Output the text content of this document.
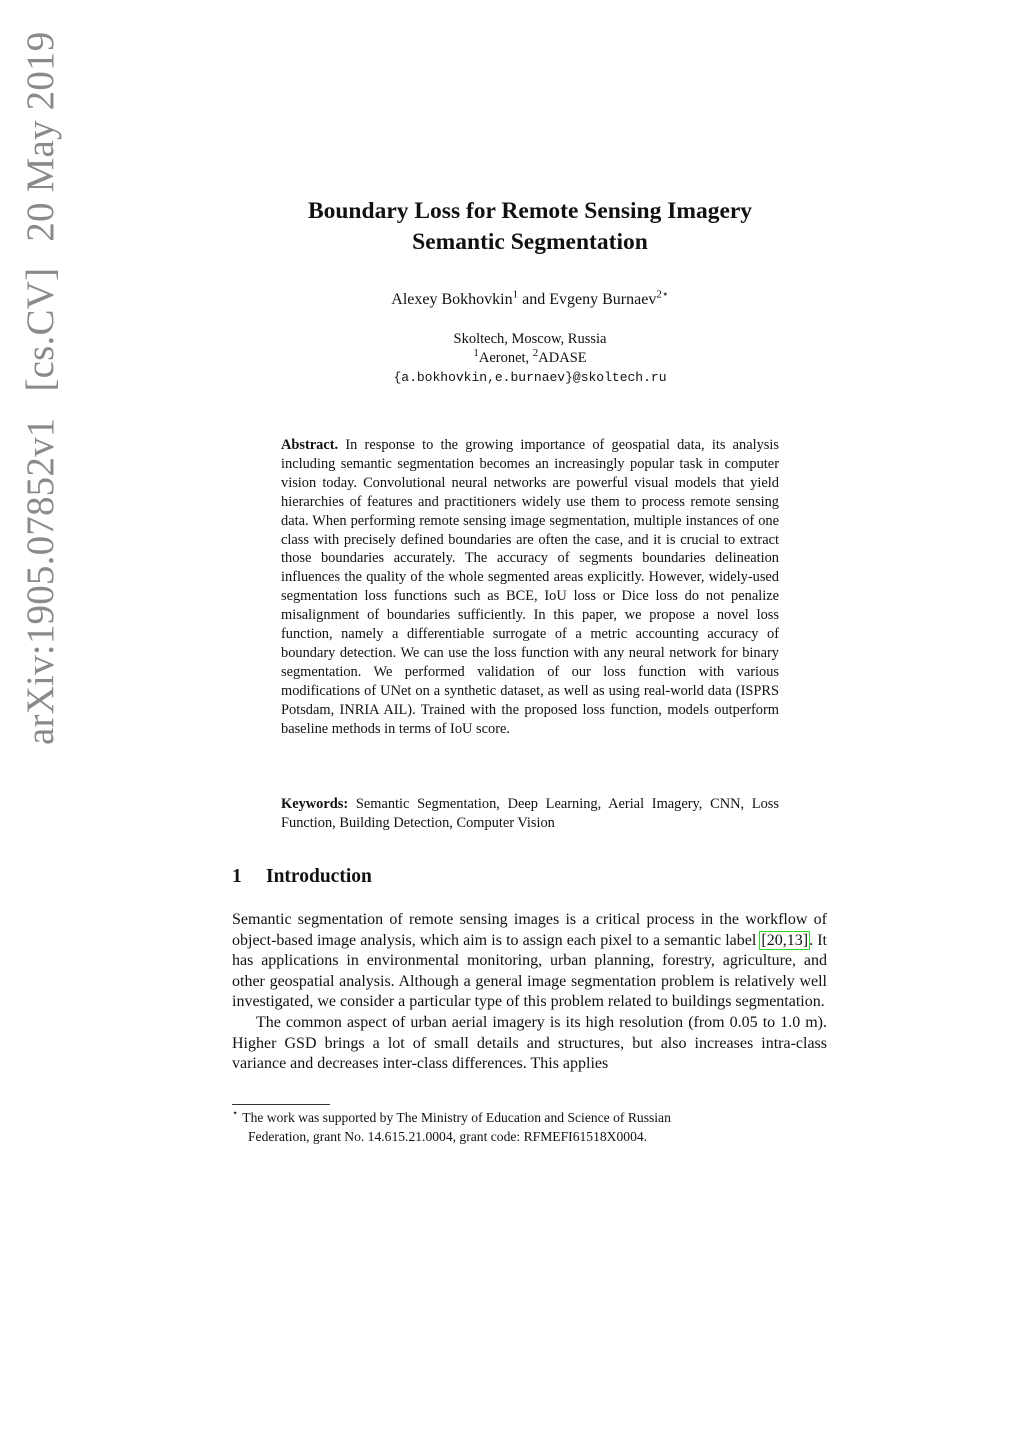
arXiv:1905.07852v1[cs.CV]20 May 2019	Boundary Loss for Remote Sensing Imagery
Semantic Segmentation
Alexey Bokhovkin$^1$ and Evgeny Burnaev$^{2⋆}$
Skoltech, Moscow, Russia
$^1$Aeronet, $^2$ADASE
{a.bokhovkin,e.burnaev}@skoltech.ru
Abstract. In response to the growing importance of geospatial data, its analysis including semantic segmentation becomes an increasingly popular task in computer vision today. Convolutional neural networks are powerful visual models that yield hierarchies of features and practitioners widely use them to process remote sensing data. When performing remote sensing image segmentation, multiple instances of one class with precisely defined boundaries are often the case, and it is crucial to extract those boundaries accurately. The accuracy of segments boundaries delineation influences the quality of the whole segmented areas explicitly. However, widely-used segmentation loss functions such as BCE, IoU loss or Dice loss do not penalize misalignment of boundaries sufficiently. In this paper, we propose a novel loss function, namely a differentiable surrogate of a metric accounting accuracy of boundary detection. We can use the loss function with any neural network for binary segmentation. We performed validation of our loss function with various modifications of UNet on a synthetic dataset, as well as using real-world data (ISPRS Potsdam, INRIA AIL). Trained with the proposed loss function, models outperform baseline methods in terms of IoU score.
Keywords: Semantic Segmentation, Deep Learning, Aerial Imagery, CNN, Loss Function, Building Detection, Computer Vision
1 Introduction

Semantic segmentation of remote sensing images is a critical process in the workflow of object-based image analysis, which aim is to assign each pixel to a semantic label [20,13]. It has applications in environmental monitoring, urban planning, forestry, agriculture, and other geospatial analysis. Although a general image segmentation problem is relatively well investigated, we consider a particular type of this problem related to buildings segmentation.

The common aspect of urban aerial imagery is its high resolution (from 0.05 to 1.0 m). Higher GSD brings a lot of small details and structures, but also increases intra-class variance and decreases inter-class differences. This applies

⋆ The work was supported by The Ministry of Education and Science of Russian
Federation, grant No. 14.615.21.0004, grant code: RFMEFI61518X0004.
